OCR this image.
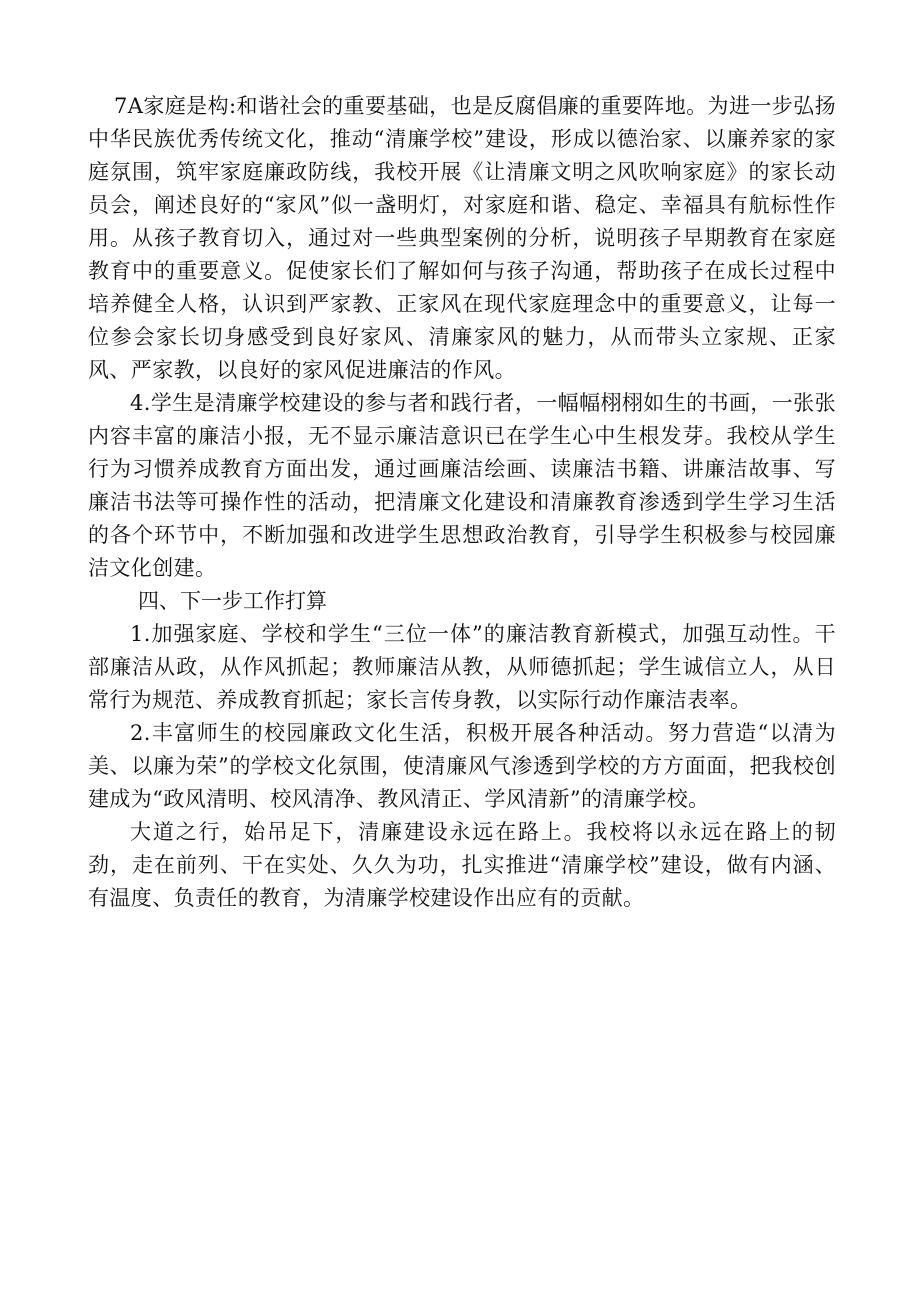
7A家庭是构:和谐社会的重要基础，也是反腐倡廉的重要阵地。为进一步弘扬中华民族优秀传统文化，推动“清廉学校”建设，形成以德治家、以廉养家的家庭氛围，筑牢家庭廉政防线，我校开展《让清廉文明之风吹响家庭》的家长动员会，阐述良好的“家风”似一盏明灯，对家庭和谐、稳定、幸福具有航标性作用。从孩子教育切入，通过对一些典型案例的分析，说明孩子早期教育在家庭教育中的重要意义。促使家长们了解如何与孩子沟通，帮助孩子在成长过程中培养健全人格，认识到严家教、正家风在现代家庭理念中的重要意义，让每一位参会家长切身感受到良好家风、清廉家风的魅力，从而带头立家规、正家风、严家教，以良好的家风促进廉洁的作风。

4.学生是清廉学校建设的参与者和践行者，一幅幅栩栩如生的书画，一张张内容丰富的廉洁小报，无不显示廉洁意识已在学生心中生根发芽。我校从学生行为习惯养成教育方面出发，通过画廉洁绘画、读廉洁书籍、讲廉洁故事、写廉洁书法等可操作性的活动，把清廉文化建设和清廉教育渗透到学生学习生活的各个环节中，不断加强和改进学生思想政治教育，引导学生积极参与校园廉洁文化创建。

四、下一步工作打算

1.加强家庭、学校和学生“三位一体”的廉洁教育新模式，加强互动性。干部廉洁从政，从作风抓起；教师廉洁从教，从师德抓起；学生诚信立人，从日常行为规范、养成教育抓起；家长言传身教，以实际行动作廉洁表率。

2.丰富师生的校园廉政文化生活，积极开展各种活动。努力营造“以清为美、以廉为荣”的学校文化氛围，使清廉风气渗透到学校的方方面面，把我校创建成为“政风清明、校风清净、教风清正、学风清新”的清廉学校。

大道之行，始吊足下，清廉建设永远在路上。我校将以永远在路上的韧劲，走在前列、干在实处、久久为功，扎实推进“清廉学校”建设，做有内涵、有温度、负责任的教育，为清廉学校建设作出应有的贡献。
